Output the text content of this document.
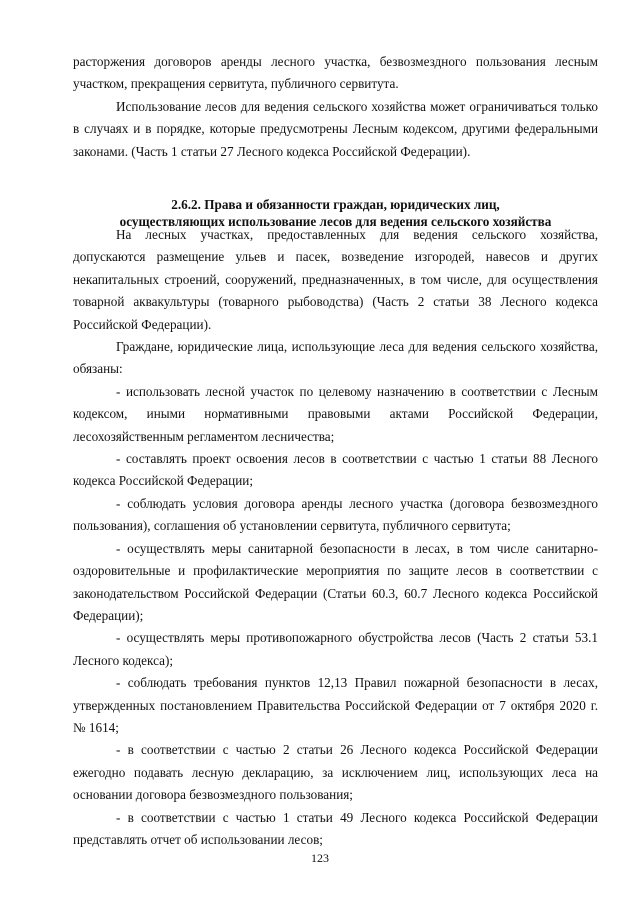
расторжения договоров аренды лесного участка, безвозмездного пользования лесным участком, прекращения сервитута, публичного сервитута.

Использование лесов для ведения сельского хозяйства может ограничиваться только в случаях и в порядке, которые предусмотрены Лесным кодексом, другими федеральными законами. (Часть 1 статьи 27 Лесного кодекса Российской Федерации).

2.6.2. Права и обязанности граждан, юридических лиц,
осуществляющих использование лесов для ведения сельского хозяйства

На лесных участках, предоставленных для ведения сельского хозяйства, допускаются размещение ульев и пасек, возведение изгородей, навесов и других некапитальных строений, сооружений, предназначенных, в том числе, для осуществления товарной аквакультуры (товарного рыбоводства) (Часть 2 статьи 38 Лесного кодекса Российской Федерации).

Граждане, юридические лица, использующие леса для ведения сельского хозяйства, обязаны:

- использовать лесной участок по целевому назначению в соответствии с Лесным кодексом, иными нормативными правовыми актами Российской Федерации, лесохозяйственным регламентом лесничества;

- составлять проект освоения лесов в соответствии с частью 1 статьи 88 Лесного кодекса Российской Федерации;

- соблюдать условия договора аренды лесного участка (договора безвозмездного пользования), соглашения об установлении сервитута, публичного сервитута;

- осуществлять меры санитарной безопасности в лесах, в том числе санитарно-оздоровительные и профилактические мероприятия по защите лесов в соответствии с законодательством Российской Федерации (Статьи 60.3, 60.7 Лесного кодекса Российской Федерации);

- осуществлять меры противопожарного обустройства лесов (Часть 2 статьи 53.1 Лесного кодекса);

- соблюдать требования пунктов 12,13 Правил пожарной безопасности в лесах, утвержденных постановлением Правительства Российской Федерации от 7 октября 2020 г. № 1614;

- в соответствии с частью 2 статьи 26 Лесного кодекса Российской Федерации ежегодно подавать лесную декларацию, за исключением лиц, использующих леса на основании договора безвозмездного пользования;

- в соответствии с частью 1 статьи 49 Лесного кодекса Российской Федерации представлять отчет об использовании лесов;

123
